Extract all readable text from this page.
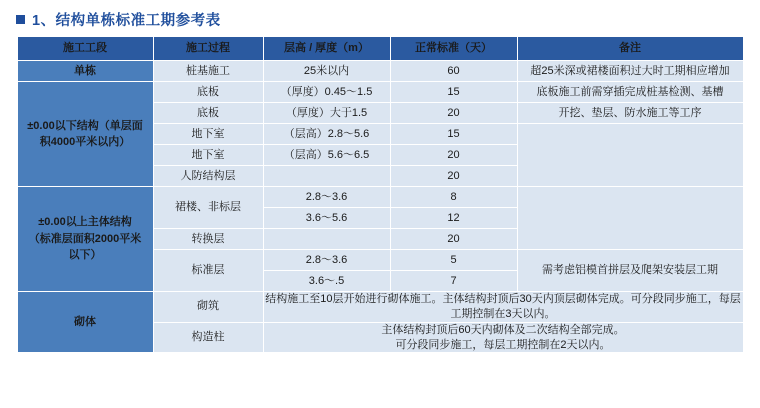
1、结构单栋标准工期参考表
施工工段	施工过程	层高 / 厚度（m）	正常标准（天）	备注
单栋	桩基施工	25米以内	60	超25米深或裙楼面积过大时工期相应增加
±0.00以下结构（单层面
积4000平米以内）	底板	（厚度）0.45～1.5	15	底板施工前需穿插完成桩基检测、基槽
	底板	（厚度）大于1.5	20	开挖、垫层、防水施工等工序
	地下室	（层高）2.8～5.6	15	
	地下室	（层高）5.6～6.5	20	
	人防结构层		20	
±0.00以上主体结构
（标准层面积2000平米
以下）	裙楼、非标层	2.8～3.6	8	
		3.6～5.6	12	
	转换层		20	
	标准层	2.8～3.6	5	需考虑铝模首拼层及爬架安装层工期
		3.6～.5	7	
砌体	砌筑	结构施工至10层开始进行砌体施工。主体结构封顶后30天内顶层砌体完成。可分段同步施工，每层工期控制在3天以内。		
	构造柱	主体结构封顶后60天内砌体及二次结构全部完成。
可分段同步施工，每层工期控制在2天以内。		
